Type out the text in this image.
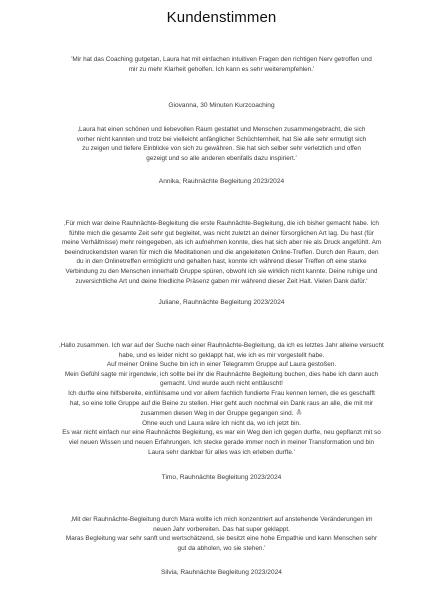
Kundenstimmen
'Mir hat das Coaching gutgetan, Laura hat mit einfachen intuitiven Fragen den richtigen Nerv getroffen und
mir zu mehr Klarheit geholfen. Ich kann es sehr weiterempfehlen.'
Giovanna, 30 Minuten Kurzcoaching
‚Laura hat einen schönen und liebevollen Raum gestaltet und Menschen zusammengebracht, die sich
vorher nicht kannten und trotz bei vielleicht anfänglicher Schüchternheit, hat Sie alle sehr ermutigt sich
zu zeigen und tiefere Einblicke von sich zu gewähren. Sie hat sich selber sehr verletzlich und offen
gezeigt und so alle anderen ebenfalls dazu inspiriert.'
Annika, Rauhnächte Begleitung 2023/2024
‚Für mich war deine Rauhnächte-Begleitung die erste Rauhnächte-Begleitung, die ich bisher gemacht habe. Ich
fühlte mich die gesamte Zeit sehr gut begleitet, was nicht zuletzt an deiner fürsorglichen Art lag. Du hast (für
meine Verhältnisse) mehr reingegeben, als ich aufnehmen konnte, dies hat sich aber nie als Druck angefühlt. Am
beeindruckendsten waren für mich die Meditationen und die angeleiteten Online-Treffen. Durch den Raum, den
du in den Onlinetreffen ermöglicht und gehalten hast, konnte ich während dieser Treffen oft eine starke
Verbindung zu den Menschen innerhalb Gruppe spüren, obwohl ich sie wirklich nicht kannte. Deine ruhige und
zuversichtliche Art und deine friedliche Präsenz gaben mir während dieser Zeit Halt. Vielen Dank dafür.'
Juliane, Rauhnächte Begleitung 2023/2024
‚Hallo zusammen. Ich war auf der Suche nach einer Rauhnächte-Begleitung, da ich es letztes Jahr alleine versucht
habe, und es leider nicht so geklappt hat, wie ich es mir vorgestellt habe.
Auf meiner Online Suche bin ich in einer Telegramm Gruppe auf Laura gestoßen.
Mein Gefühl sagte mir irgendwie, ich sollte bei ihr die Rauhnächte Begleitung buchen, dies habe ich dann auch
gemacht. Und wurde auch nicht enttäuscht!
Ich durfte eine hilfsbereite, einfühlsame und vor allem fachlich fundierte Frau kennen lernen, die es geschafft
hat, so eine tolle Gruppe auf die Beine zu stellen. Hier geht auch nochmal ein Dank raus an alle, die mit mir
zusammen diesen Weg in der Gruppe gegangen sind.
Ohne euch und Laura wäre ich nicht da, wo ich jetzt bin.
Es war nicht einfach nur eine Rauhnächte Begleitung, es war ein Weg den ich gegen durfte, neu gepflanzt mit so
viel neuen Wissen und neuen Erfahrungen. Ich stecke gerade immer noch in meiner Transformation und bin
Laura sehr dankbar für alles was ich erleben durfte.'
Timo, Rauhnächte Begleitung 2023/2024
‚Mit der Rauhnächte-Begleitung durch Mara wollte ich mich konzentriert auf anstehende Veränderungen im
neuen Jahr vorbereiten. Das hat super geklappt.
Maras Begleitung war sehr sanft und wertschätzend, sie besitzt eine hohe Empathie und kann Menschen sehr
gut da abholen, wo sie stehen.'
Silvia, Rauhnächte Begleitung 2023/2024
